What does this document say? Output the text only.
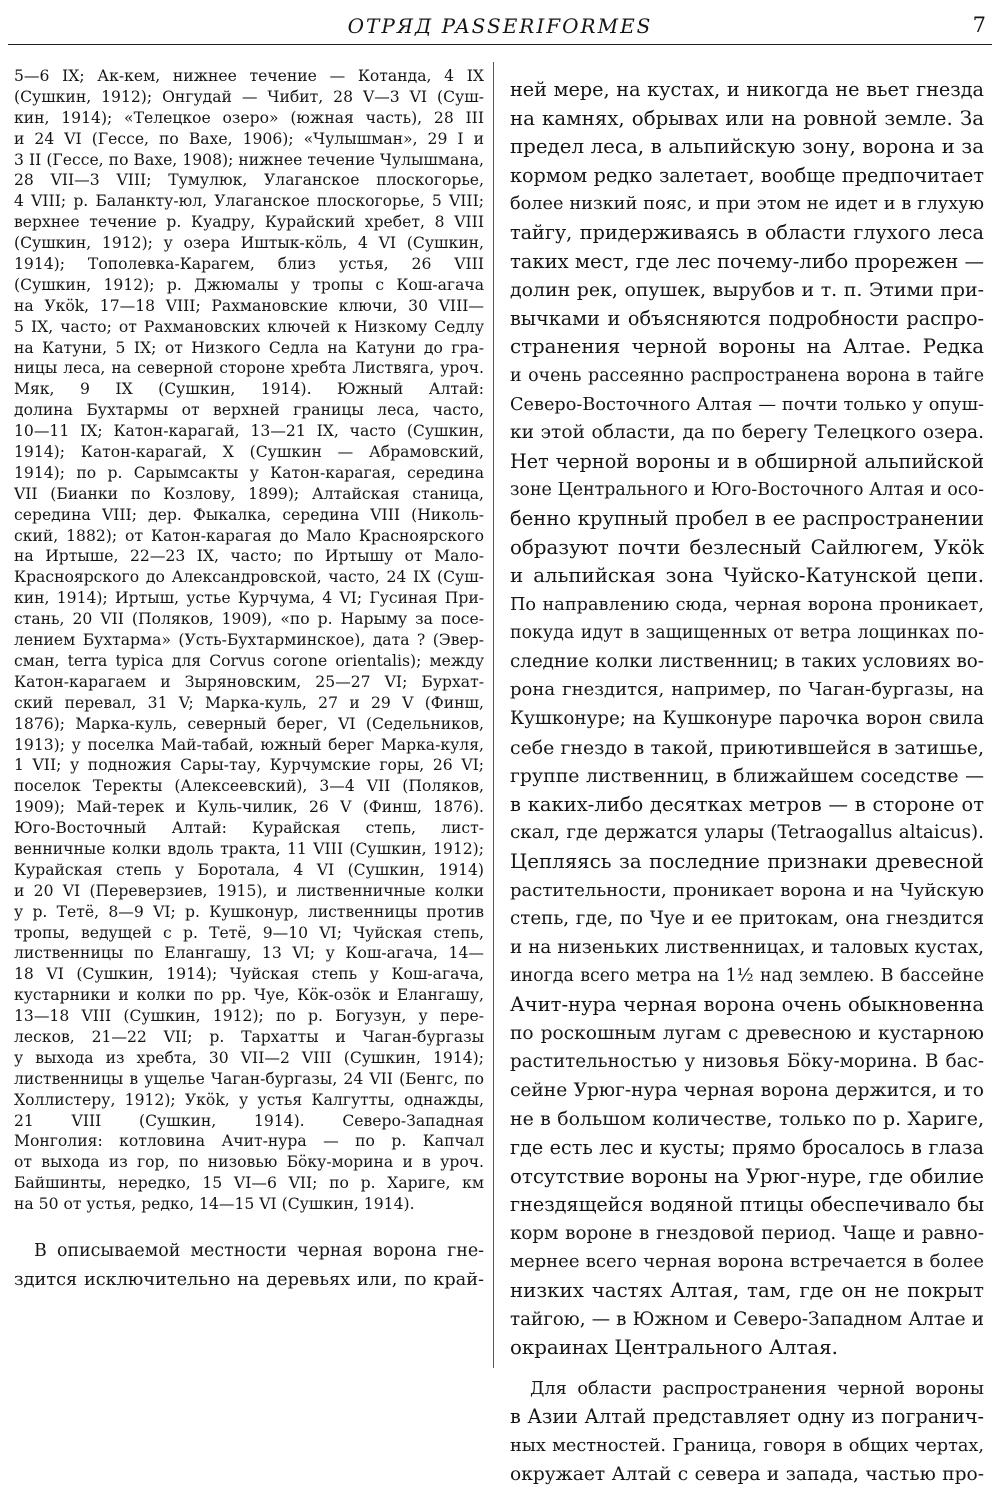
ОТРЯД PASSERIFORMES	7
5—6 IX; Ак-кем, нижнее течение — Котанда, 4 IX
(Сушкин, 1912); Онгудай — Чибит, 28 V—3 VI (Суш-
кин, 1914); «Телецкое озеро» (южная часть), 28 III
и 24 VI (Гессе, по Вахе, 1906); «Чулышман», 29 I и
3 II (Гессе, по Вахе, 1908); нижнее течение Чулышмана,
28 VII—3 VIII; Тумулюк, Улаганское плоскогорье,
4 VIII; р. Баланкту-юл, Улаганское плоскогорье, 5 VIII;
верхнее течение р. Куадру, Курайский хребет, 8 VIII
(Сушкин, 1912); у озера Иштык-кöль, 4 VI (Сушкин,
1914); Тополевка-Карагем, близ устья, 26 VIII
(Сушкин, 1912); р. Джюмалы у тропы с Кош-агача
на Укök, 17—18 VIII; Рахмановские ключи, 30 VIII—
5 IX, часто; от Рахмановских ключей к Низкому Седлу
на Катуни, 5 IX; от Низкого Седла на Катуни до гра-
ницы леса, на северной стороне хребта Листвяга, уроч.
Мяк, 9 IX (Сушкин, 1914). Южный Алтай:
долина Бухтармы от верхней границы леса, часто,
10—11 IX; Катон-карагай, 13—21 IX, часто (Сушкин,
1914); Катон-карагай, X (Сушкин — Абрамовский,
1914); по р. Сарымсакты у Катон-карагая, середина
VII (Бианки по Козлову, 1899); Алтайская станица,
середина VIII; дер. Фыкалка, середина VIII (Николь-
ский, 1882); от Катон-карагая до Мало Красноярского
на Иртыше, 22—23 IX, часто; по Иртышу от Мало-
Красноярского до Александровской, часто, 24 IX (Суш-
кин, 1914); Иртыш, устье Курчума, 4 VI; Гусиная При-
стань, 20 VII (Поляков, 1909), «по р. Нарыму за посе-
лением Бухтарма» (Усть-Бухтарминское), дата ? (Эвер-
сман, terra typica для Corvus corone orientalis); между
Катон-карагаем и Зыряновским, 25—27 VI; Бурхат-
ский перевал, 31 V; Марка-куль, 27 и 29 V (Финш,
1876); Марка-куль, северный берег, VI (Седельников,
1913); у поселка Май-табай, южный берег Марка-куля,
1 VII; у подножия Сары-тау, Курчумские горы, 26 VI;
поселок Теректы (Алексеевский), 3—4 VII (Поляков,
1909); Май-терек и Куль-чилик, 26 V (Финш, 1876).
Юго-Восточный Алтай: Курайская степь, лист-
венничные колки вдоль тракта, 11 VIII (Сушкин, 1912);
Курайская степь у Боротала, 4 VI (Сушкин, 1914)
и 20 VI (Переверзиев, 1915), и лиственничные колки
у р. Тетё, 8—9 VI; р. Кушконур, лиственницы против
тропы, ведущей с р. Тетё, 9—10 VI; Чуйская степь,
лиственницы по Елангашу, 13 VI; у Кош-агача, 14—
18 VI (Сушкин, 1914); Чуйская степь у Кош-агача,
кустарники и колки по рр. Чуе, Кöк-озöк и Елангашу,
13—18 VIII (Сушкин, 1912); по р. Богузун, у пере-
лесков, 21—22 VII; р. Тархатты и Чаган-бургазы
у выхода из хребта, 30 VII—2 VIII (Сушкин, 1914);
лиственницы в ущелье Чаган-бургазы, 24 VII (Бенгс, по
Холлистеру, 1912); Укök, у устья Калгутты, однажды,
21 VIII (Сушкин, 1914). Северо-Западная
Монголия: котловина Ачит-нура — по р. Капчал
от выхода из гор, по низовью Бöку-морина и в уроч.
Байшинты, нередко, 15 VI—6 VII; по р. Хариге, км
на 50 от устья, редко, 14—15 VI (Сушкин, 1914).
В описываемой местности черная ворона гне-
здится исключительно на деревьях или, по край-
ней мере, на кустах, и никогда не вьет гнезда
на камнях, обрывах или на ровной земле. За
предел леса, в альпийскую зону, ворона и за
кормом редко залетает, вообще предпочитает
более низкий пояс, и при этом не идет и в глухую
тайгу, придерживаясь в области глухого леса
таких мест, где лес почему-либо прорежен —
долин рек, опушек, вырубов и т. п. Этими при-
вычками и объясняются подробности распро-
странения черной вороны на Алтае. Редка
и очень рассеянно распространена ворона в тайге
Северо-Восточного Алтая — почти только у опуш-
ки этой области, да по берегу Телецкого озера.
Нет черной вороны и в обширной альпийской
зоне Центрального и Юго-Восточного Алтая и осо-
бенно крупный пробел в ее распространении
образуют почти безлесный Сайлюгем, Укök
и альпийская зона Чуйско-Катунской цепи.
По направлению сюда, черная ворона проникает,
покуда идут в защищенных от ветра лощинках по-
следние колки лиственниц; в таких условиях во-
рона гнездится, например, по Чаган-бургазы, на
Кушконуре; на Кушконуре парочка ворон свила
себе гнездо в такой, приютившейся в затишье,
группе лиственниц, в ближайшем соседстве —
в каких-либо десятках метров — в стороне от
скал, где держатся улары (Tetraogallus altaicus).
Цепляясь за последние признаки древесной
растительности, проникает ворона и на Чуйскую
степь, где, по Чуе и ее притокам, она гнездится
и на низеньких лиственницах, и таловых кустах,
иногда всего метра на 1½ над землею. В бассейне
Ачит-нура черная ворона очень обыкновенна
по роскошным лугам с древесною и кустарною
растительностью у низовья Бöку-морина. В бас-
сейне Урюг-нура черная ворона держится, и то
не в большом количестве, только по р. Харигe,
где есть лес и кусты; прямо бросалось в глаза
отсутствие вороны на Урюг-нуре, где обилие
гнездящейся водяной птицы обеспечивало бы
корм вороне в гнездовой период. Чаще и равно-
мернее всего черная ворона встречается в более
низких частях Алтая, там, где он не покрыт
тайгою, — в Южном и Северо-Западном Алтае и
окраинах Центрального Алтая.
Для области распространения черной вороны
в Азии Алтай представляет одну из погранич-
ных местностей. Граница, говоря в общих чертах,
окружает Алтай с севера и запада, частью про-
